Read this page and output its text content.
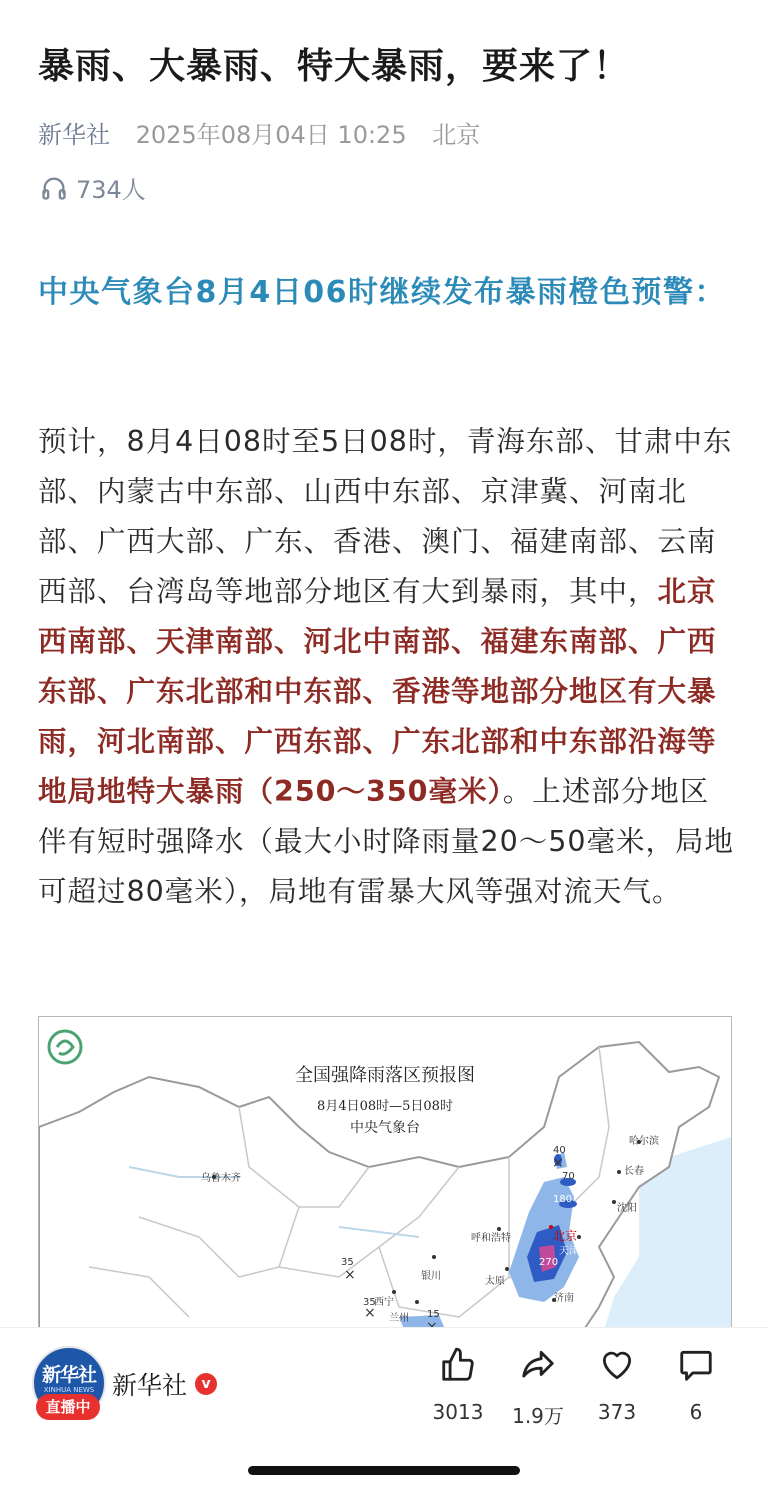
暴雨、大暴雨、特大暴雨，要来了！
新华社 2025年08月04日 10:25 北京
734人

中央气象台8月4日06时继续发布暴雨橙色预警：

预计，8月4日08时至5日08时，青海东部、甘肃中东部、内蒙古中东部、山西中东部、京津冀、河南北部、广西大部、广东、香港、澳门、福建南部、云南西部、台湾岛等地部分地区有大到暴雨，其中，北京西南部、天津南部、河北中南部、福建东南部、广西东部、广东北部和中东部、香港等地部分地区有大暴雨，河北南部、广西东部、广东北部和中东部沿海等地局地特大暴雨（250～350毫米）。上述部分地区伴有短时强降水（最大小时降雨量20～50毫米，局地可超过80毫米），局地有雷暴大风等强对流天气。

×
×
×
全国强降雨落区预报图
8月4日08时—5日08时
中央气象台
乌鲁木齐
哈尔滨
长春
沈阳
呼和浩特	北京
天津
银川	太原
西宁
兰州
济南
40
70
180
35
35
15
270
新华社
XINHUA NEWS
直播中
新华社	v
3013	1.9万	373	6
